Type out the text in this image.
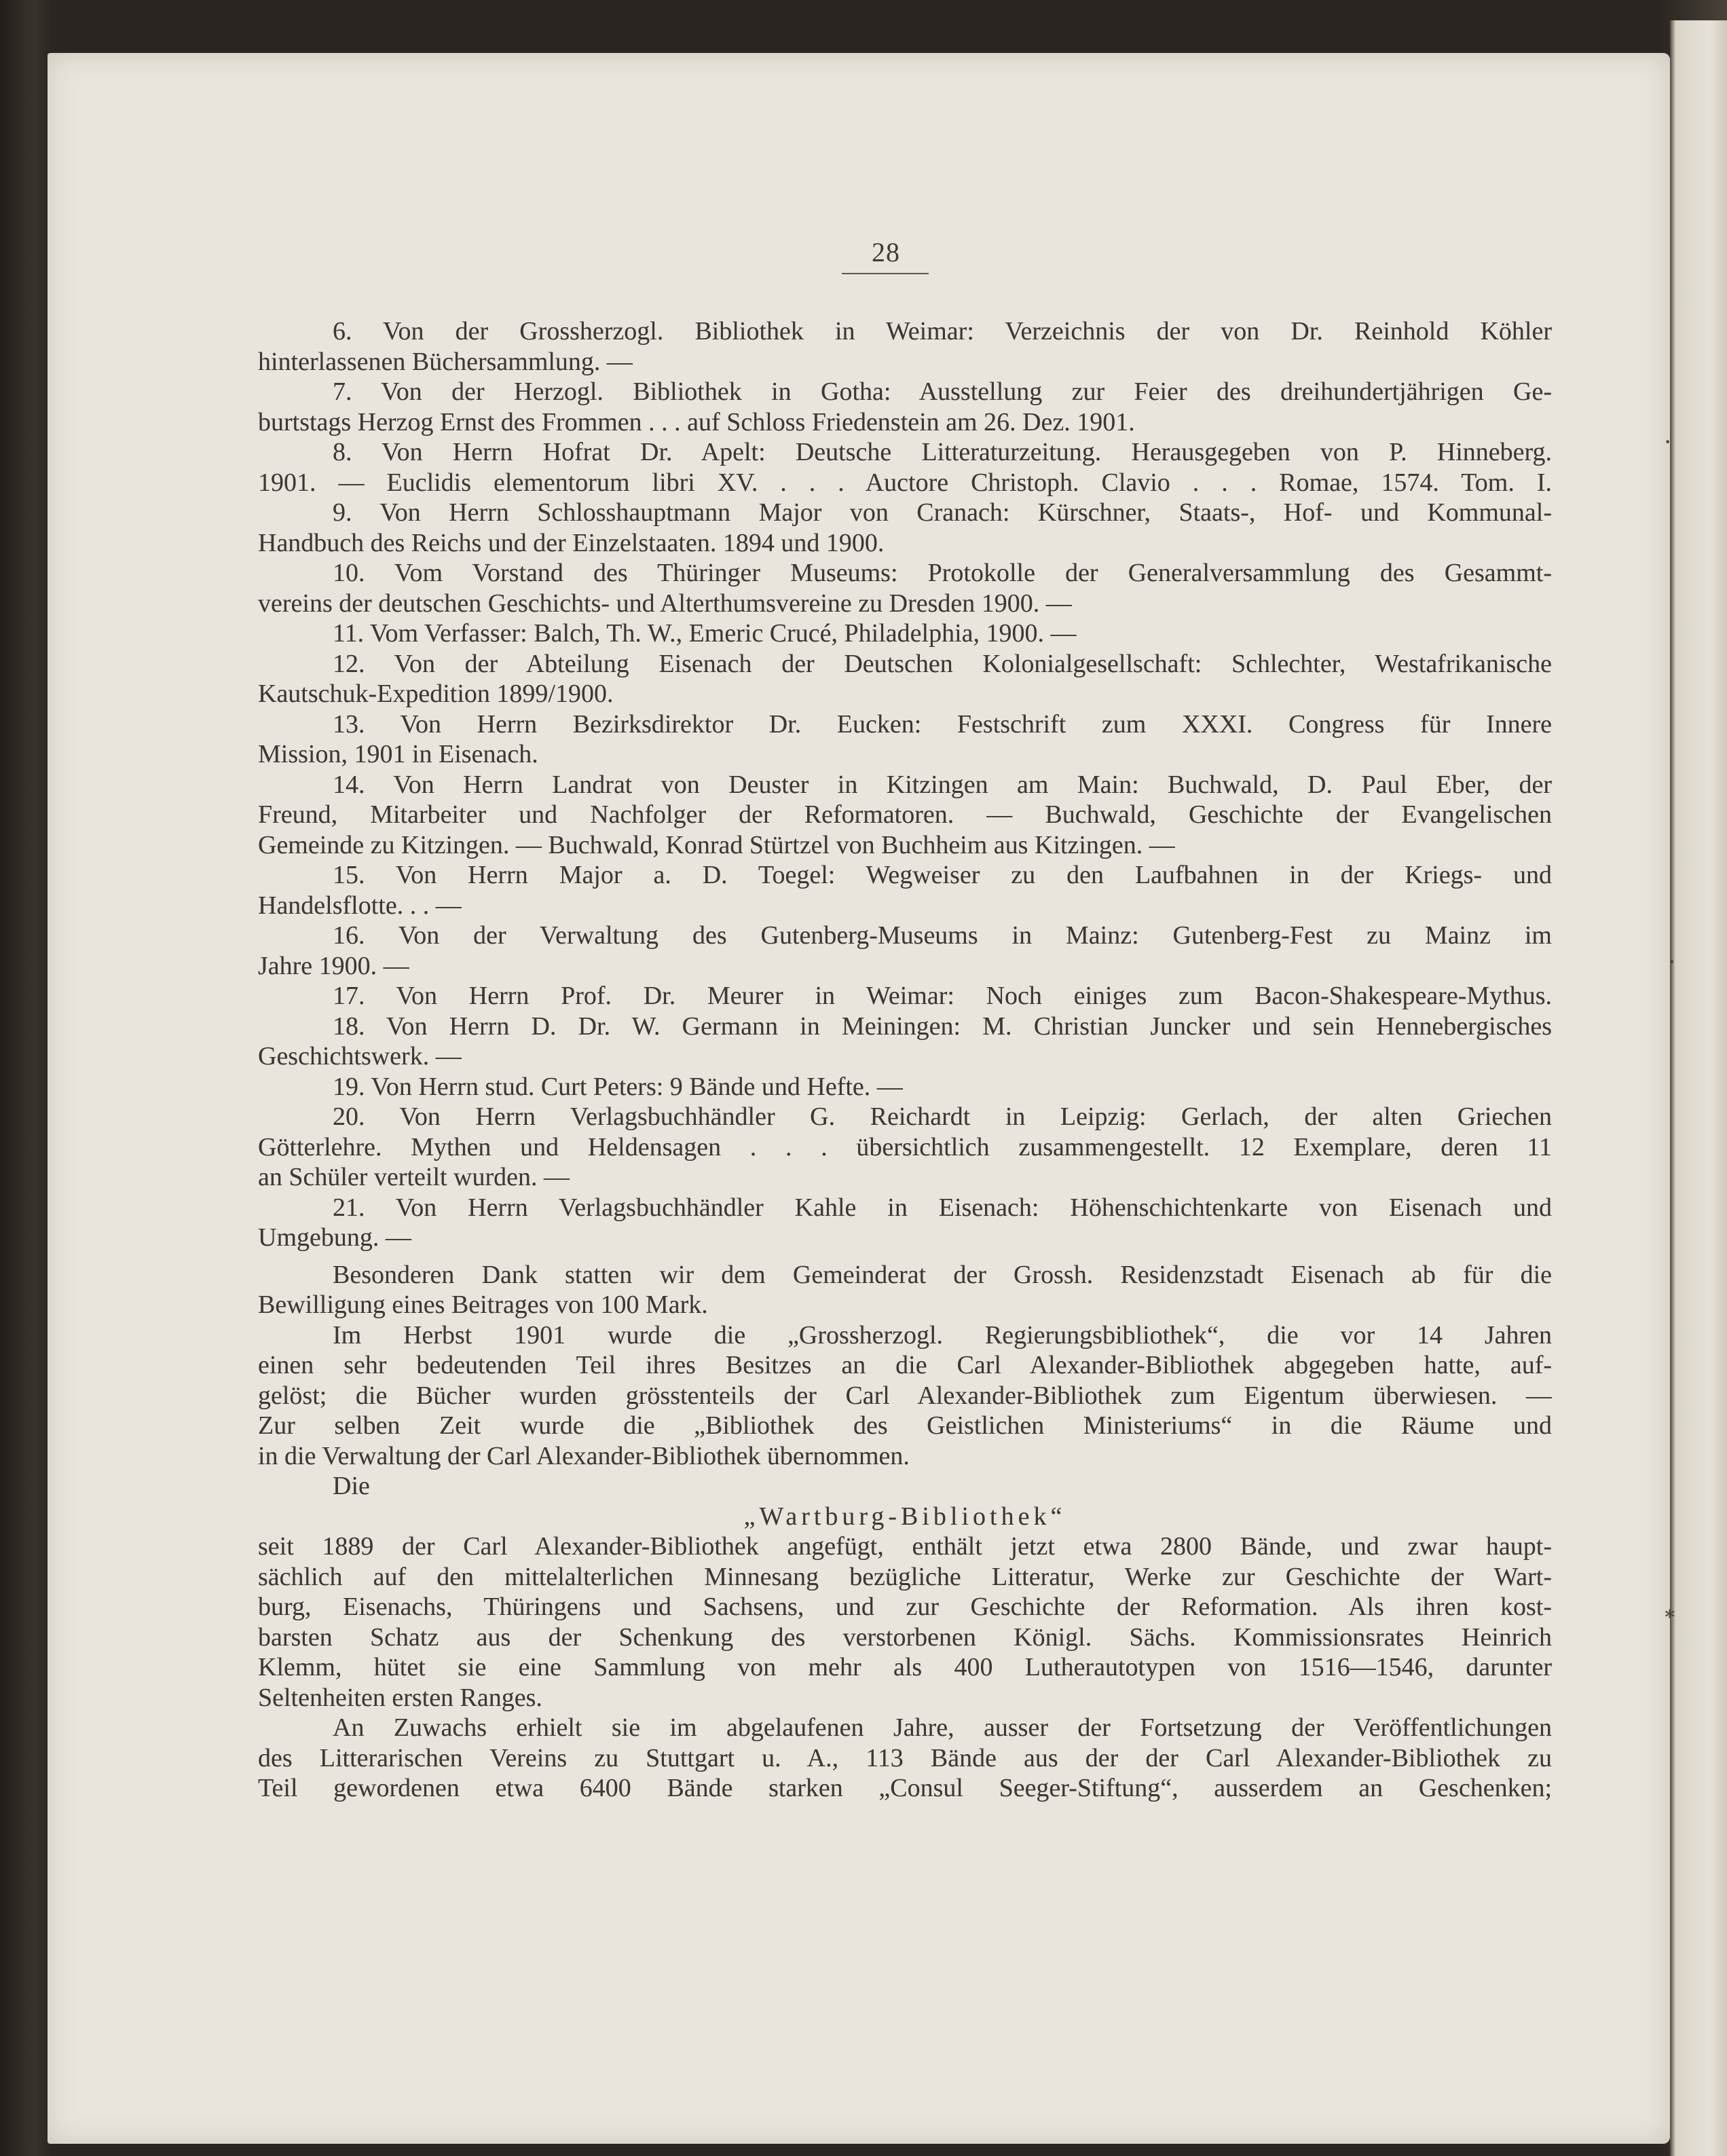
28
6. Von der Grossherzogl. Bibliothek in Weimar: Verzeichnis der von Dr. Reinhold Köhler
hinterlassenen Büchersammlung. —
7. Von der Herzogl. Bibliothek in Gotha: Ausstellung zur Feier des dreihundertjährigen Ge-
burtstags Herzog Ernst des Frommen . . . auf Schloss Friedenstein am 26. Dez. 1901.
8. Von Herrn Hofrat Dr. Apelt: Deutsche Litteraturzeitung. Herausgegeben von P. Hinneberg.
1901. — Euclidis elementorum libri XV. . . . Auctore Christoph. Clavio . . . Romae, 1574. Tom. I.
9. Von Herrn Schlosshauptmann Major von Cranach: Kürschner, Staats-, Hof- und Kommunal-
Handbuch des Reichs und der Einzelstaaten. 1894 und 1900.
10. Vom Vorstand des Thüringer Museums: Protokolle der Generalversammlung des Gesammt-
vereins der deutschen Geschichts- und Alterthumsvereine zu Dresden 1900. —
11. Vom Verfasser: Balch, Th. W., Emeric Crucé, Philadelphia, 1900. —
12. Von der Abteilung Eisenach der Deutschen Kolonialgesellschaft: Schlechter, Westafrikanische
Kautschuk-Expedition 1899/1900.
13. Von Herrn Bezirksdirektor Dr. Eucken: Festschrift zum XXXI. Congress für Innere
Mission, 1901 in Eisenach.
14. Von Herrn Landrat von Deuster in Kitzingen am Main: Buchwald, D. Paul Eber, der
Freund, Mitarbeiter und Nachfolger der Reformatoren. — Buchwald, Geschichte der Evangelischen
Gemeinde zu Kitzingen. — Buchwald, Konrad Stürtzel von Buchheim aus Kitzingen. —
15. Von Herrn Major a. D. Toegel: Wegweiser zu den Laufbahnen in der Kriegs- und
Handelsflotte. . . —
16. Von der Verwaltung des Gutenberg-Museums in Mainz: Gutenberg-Fest zu Mainz im
Jahre 1900. —
17. Von Herrn Prof. Dr. Meurer in Weimar: Noch einiges zum Bacon-Shakespeare-Mythus.
18. Von Herrn D. Dr. W. Germann in Meiningen: M. Christian Juncker und sein Hennebergisches
Geschichtswerk. —
19. Von Herrn stud. Curt Peters: 9 Bände und Hefte. —
20. Von Herrn Verlagsbuchhändler G. Reichardt in Leipzig: Gerlach, der alten Griechen
Götterlehre. Mythen und Heldensagen . . . übersichtlich zusammengestellt. 12 Exemplare, deren 11
an Schüler verteilt wurden. —
21. Von Herrn Verlagsbuchhändler Kahle in Eisenach: Höhenschichtenkarte von Eisenach und
Umgebung. —
Besonderen Dank statten wir dem Gemeinderat der Grossh. Residenzstadt Eisenach ab für die
Bewilligung eines Beitrages von 100 Mark.
Im Herbst 1901 wurde die „Grossherzogl. Regierungsbibliothek“, die vor 14 Jahren
einen sehr bedeutenden Teil ihres Besitzes an die Carl Alexander-Bibliothek abgegeben hatte, auf-
gelöst; die Bücher wurden grösstenteils der Carl Alexander-Bibliothek zum Eigentum überwiesen. —
Zur selben Zeit wurde die „Bibliothek des Geistlichen Ministeriums“ in die Räume und
in die Verwaltung der Carl Alexander-Bibliothek übernommen.
Die
„Wartburg-Bibliothek“
seit 1889 der Carl Alexander-Bibliothek angefügt, enthält jetzt etwa 2800 Bände, und zwar haupt-
sächlich auf den mittelalterlichen Minnesang bezügliche Litteratur, Werke zur Geschichte der Wart-
burg, Eisenachs, Thüringens und Sachsens, und zur Geschichte der Reformation. Als ihren kost-
barsten Schatz aus der Schenkung des verstorbenen Königl. Sächs. Kommissionsrates Heinrich
Klemm, hütet sie eine Sammlung von mehr als 400 Lutherautotypen von 1516—1546, darunter
Seltenheiten ersten Ranges.
An Zuwachs erhielt sie im abgelaufenen Jahre, ausser der Fortsetzung der Veröffentlichungen
des Litterarischen Vereins zu Stuttgart u. A., 113 Bände aus der der Carl Alexander-Bibliothek zu
Teil gewordenen etwa 6400 Bände starken „Consul Seeger-Stiftung“, ausserdem an Geschenken;
·
·
∗
